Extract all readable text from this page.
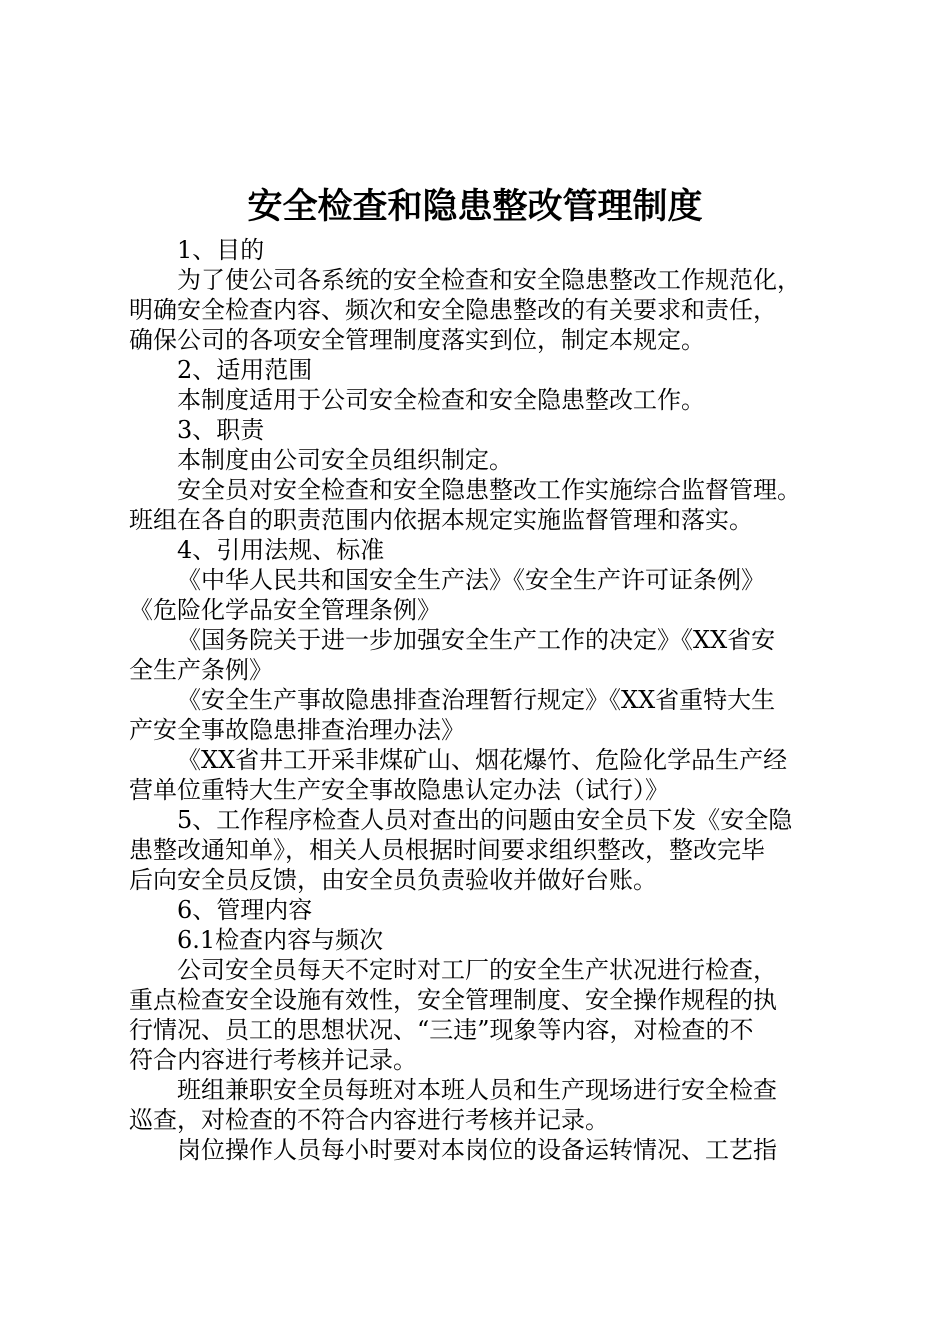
安全检查和隐患整改管理制度
1、目的
为了使公司各系统的安全检查和安全隐患整改工作规范化，
明确安全检查内容、频次和安全隐患整改的有关要求和责任，
确保公司的各项安全管理制度落实到位，制定本规定。
2、适用范围
本制度适用于公司安全检查和安全隐患整改工作。
3、职责
本制度由公司安全员组织制定。
安全员对安全检查和安全隐患整改工作实施综合监督管理。
班组在各自的职责范围内依据本规定实施监督管理和落实。
4、引用法规、标准
《中华人民共和国安全生产法》《安全生产许可证条例》
《危险化学品安全管理条例》
《国务院关于进一步加强安全生产工作的决定》《XX省安
全生产条例》
《安全生产事故隐患排查治理暂行规定》《XX省重特大生
产安全事故隐患排查治理办法》
《XX省井工开采非煤矿山、烟花爆竹、危险化学品生产经
营单位重特大生产安全事故隐患认定办法（试行）》
5、工作程序检查人员对查出的问题由安全员下发《安全隐
患整改通知单》，相关人员根据时间要求组织整改，整改完毕
后向安全员反馈，由安全员负责验收并做好台账。
6、管理内容
6.1检查内容与频次
公司安全员每天不定时对工厂的安全生产状况进行检查，
重点检查安全设施有效性，安全管理制度、安全操作规程的执
行情况、员工的思想状况、“三违”现象等内容，对检查的不
符合内容进行考核并记录。
班组兼职安全员每班对本班人员和生产现场进行安全检查
巡查，对检查的不符合内容进行考核并记录。
岗位操作人员每小时要对本岗位的设备运转情况、工艺指
